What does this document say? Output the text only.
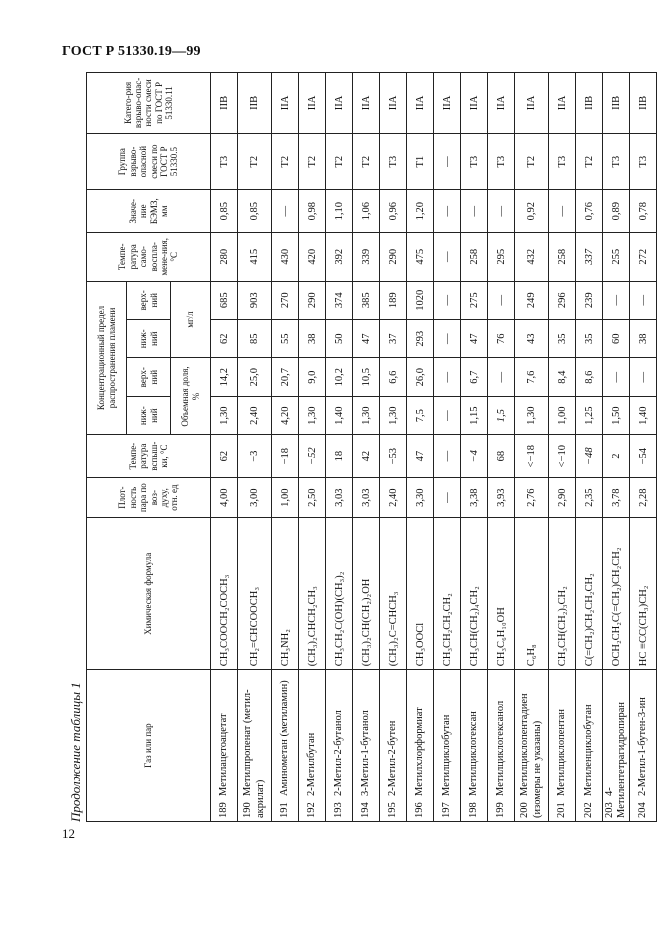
ГОСТ Р 51330.19—99
Продолжение таблицы 1	Газ или пар	Химическая формула	Плот-ность пара по воз-духу, отн. ед	Темпе-ратура вспыш-ки, °С	Концентрационный предел распространения пламени				Темпе-ратура само-воспла-мене-ния, °С	Значе-ние БЭМЗ, мм	Группа взрыво-опасной смеси по ГОСТ Р 51330.5	Катего-рия взрыво-опас-ности смеси по ГОСТ Р 51330.11
				ниж-ний	верх-ний	ниж-ний	верх-ний				
				Объемная доля, %		мг/л					
189Метилацетоацетат	CH₃COOCH₂COCH₃	4,00	62	1,30	14,2	62	685	280	0,85	Т3	IIВ
190Метилпропенат (метил-акрилат)	CH₂=CHCOOCH₃	3,00	−3	2,40	25,0	85	903	415	0,85	Т2	IIВ
191Аминометан (метиламин)	CH₃NH₂	1,00	−18	4,20	20,7	55	270	430	—	Т2	IIА
1922-Метилбутан	(CH₃)₂CHCH₂CH₃	2,50	−52	1,30	9,0	38	290	420	0,98	Т2	IIА
1932-Метил-2-бутанол	CH₃CH₂C(OH)(CH₃)₂	3,03	18	1,40	10,2	50	374	392	1,10	Т2	IIА
1943-Метил-1-бутанол	(CH₃)₂CH(CH₂)₂OH	3,03	42	1,30	10,5	47	385	339	1,06	Т2	IIА
1952-Метил-2-бутен	(CH₃)₂C=CHCH₃	2,40	−53	1,30	6,6	37	189	290	0,96	Т3	IIА
196Метилхлорформиат	CH₃OOCl	3,30	47	7,5	26,0	293	1020	475	1,20	Т1	IIА
197Метилциклобутан	CH₃CH₂CH₂CH₂	—	—	—	—	—	—	—	—	—	IIА
198Метилциклогексан	CH₃CH(CH₂)₄CH₂	3,38	−4	1,15	6,7	47	275	258	—	Т3	IIА
199Метилциклогексанол	CH₃C₆H₁₀OH	3,93	68	1,5	—	76	—	295	—	Т3	IIА
200Метилциклопентадиен (изомеры не указаны)	C₆H₈	2,76	<−18	1,30	7,6	43	249	432	0,92	Т2	IIА
201Метилциклопентан	CH₃CH(CH₂)₃CH₂	2,90	<−10	1,00	8,4	35	296	258	—	Т3	IIА
202Метиленциклобутан	C(=CH₂)CH₂CH₂CH₂	2,35	−48	1,25	8,6	35	239	337	0,76	Т2	IIВ
2034-Метилентетрагидропиран	OCH₂CH₂C(=CH₂)CH₂CH₂	3,78	2	1,50	—	60	—	255	0,89	Т3	IIВ
2042-Метил-1-бутен-3-ин	HC ≡CC(CH₃)CH₂	2,28	−54	1,40	—	38	—	272	0,78	Т3	IIВ
12
